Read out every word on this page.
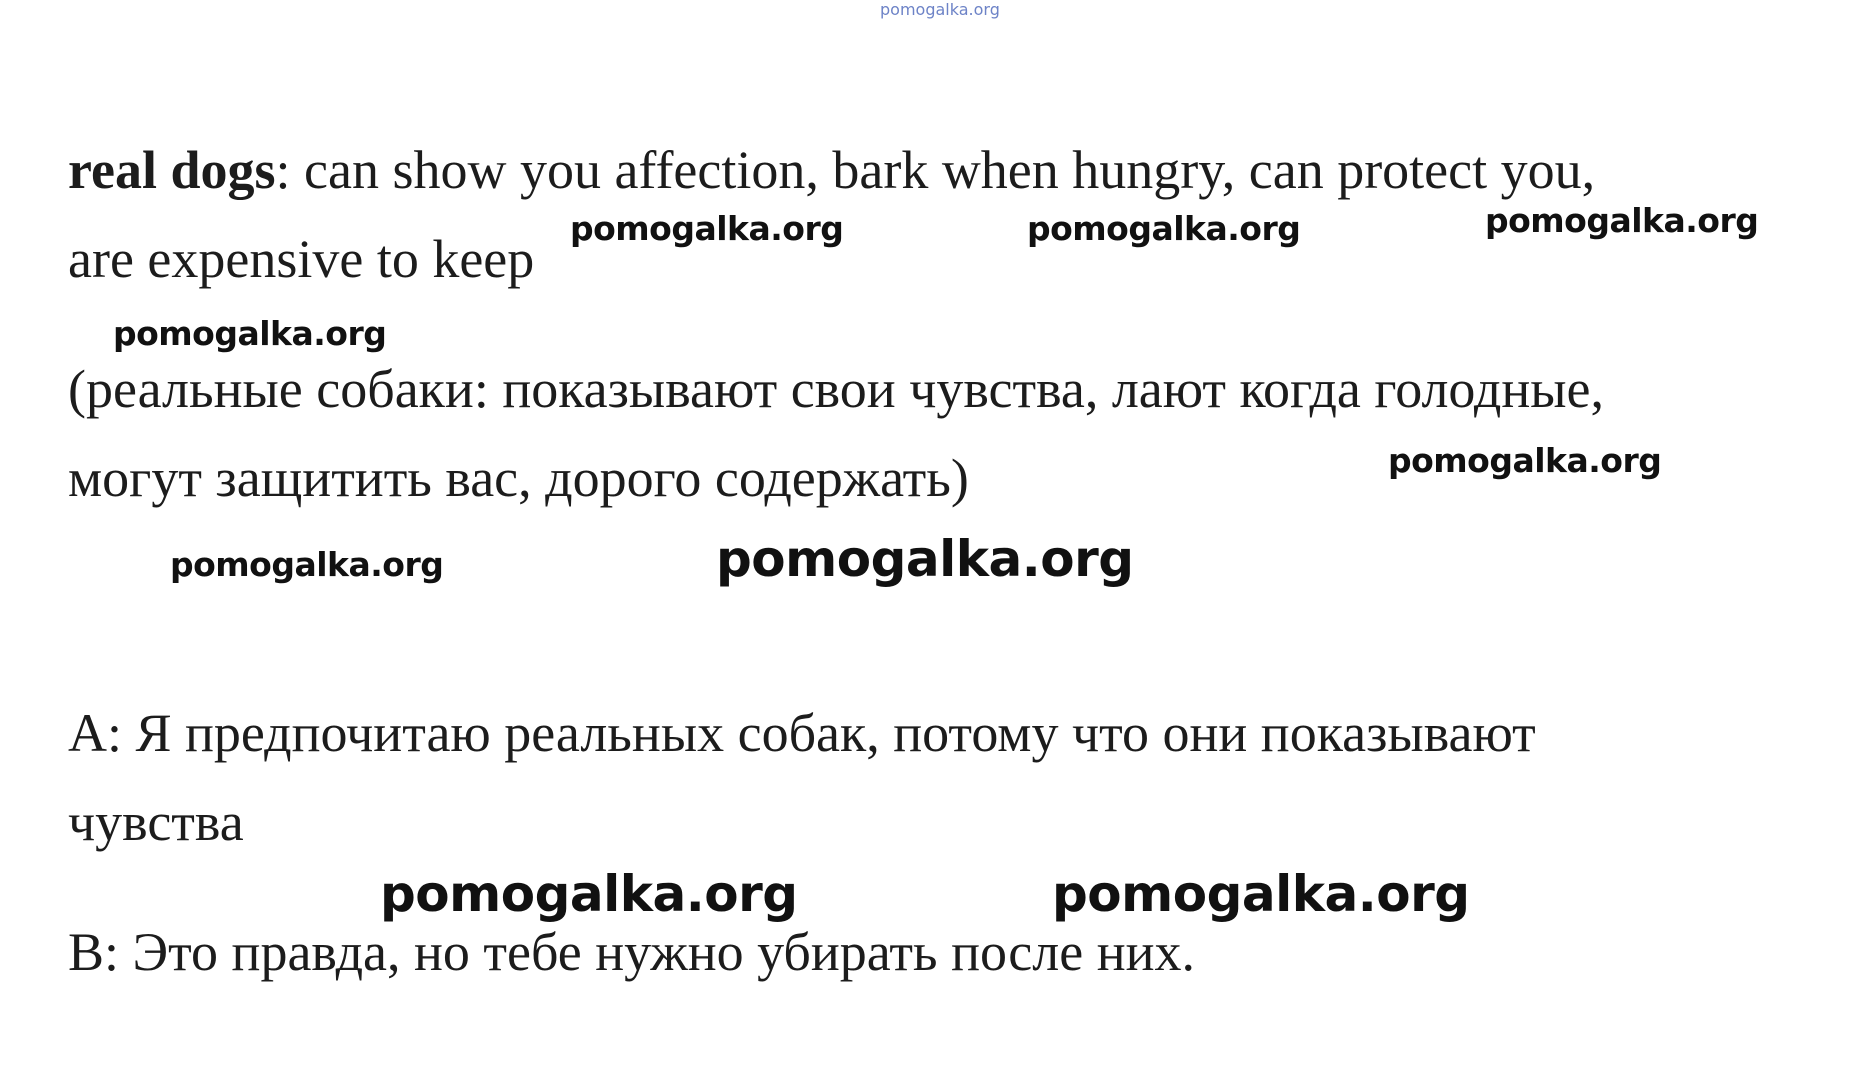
pomogalka.org
real dogs: can show you affection, bark when hungry, can protect you,
are expensive to keep
(реальные собаки: показывают свои чувства, лают когда голодные,
могут защитить вас, дорого содержать)
A: Я предпочитаю реальных собак, потому что они показывают
чувства
B: Это правда, но тебе нужно убирать после них.
pomogalka.org	pomogalka.org	pomogalka.org
pomogalka.org
pomogalka.org
pomogalka.org	pomogalka.org
pomogalka.org	pomogalka.org
